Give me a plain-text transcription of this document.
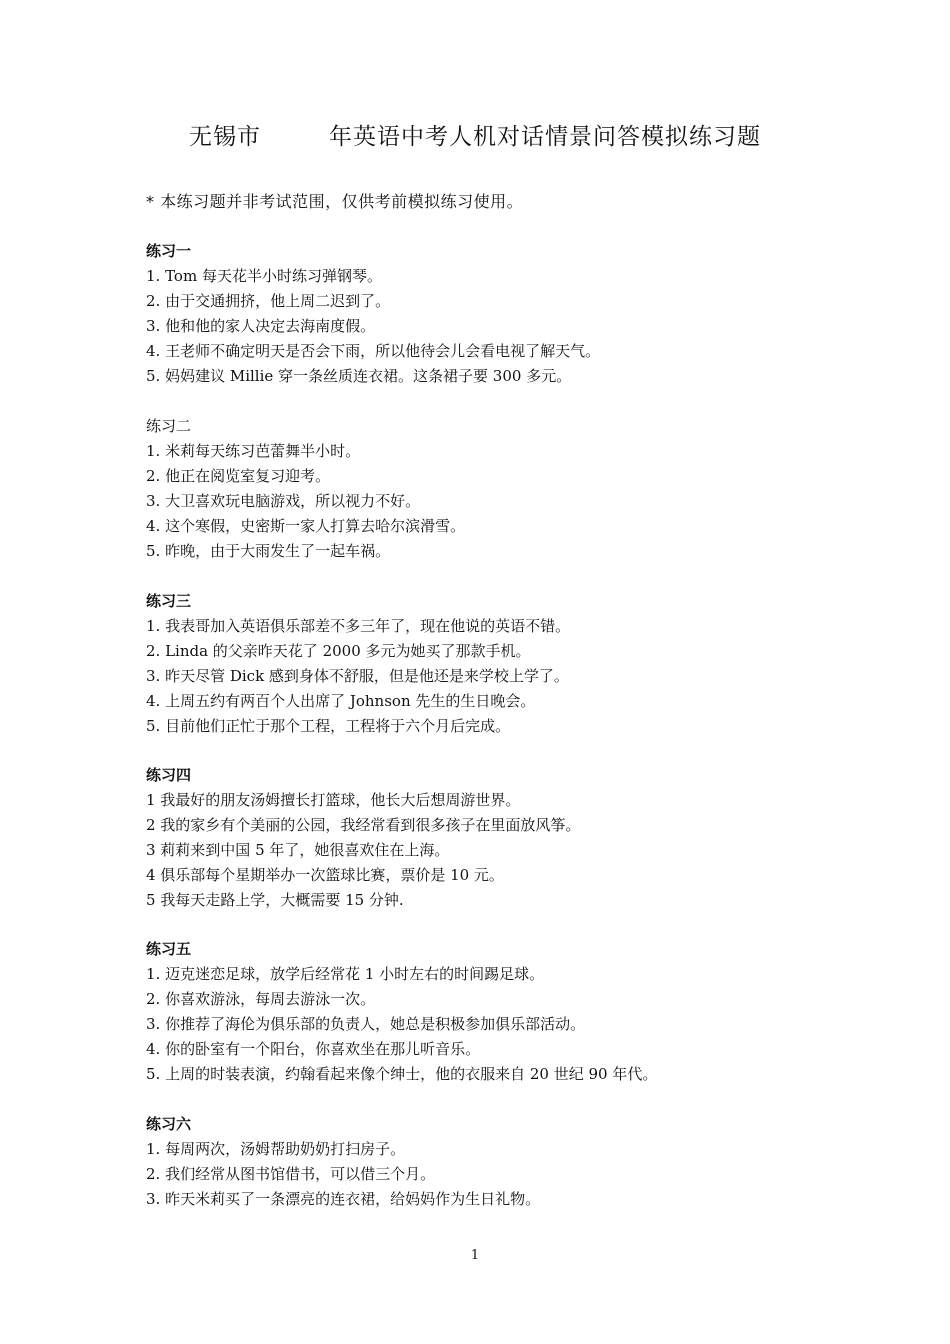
无锡市	年英语中考人机对话情景问答模拟练习题
* 本练习题并非考试范围，仅供考前模拟练习使用。
练习一
1. Tom 每天花半小时练习弹钢琴。
2. 由于交通拥挤，他上周二迟到了。
3. 他和他的家人决定去海南度假。
4. 王老师不确定明天是否会下雨，所以他待会儿会看电视了解天气。
5. 妈妈建议 Millie 穿一条丝质连衣裙。这条裙子要 300 多元。
练习二
1. 米莉每天练习芭蕾舞半小时。
2. 他正在阅览室复习迎考。
3. 大卫喜欢玩电脑游戏，所以视力不好。
4. 这个寒假，史密斯一家人打算去哈尔滨滑雪。
5. 昨晚，由于大雨发生了一起车祸。
练习三
1. 我表哥加入英语俱乐部差不多三年了，现在他说的英语不错。
2. Linda 的父亲昨天花了 2000 多元为她买了那款手机。
3. 昨天尽管 Dick 感到身体不舒服，但是他还是来学校上学了。
4. 上周五约有两百个人出席了 Johnson 先生的生日晚会。
5. 目前他们正忙于那个工程，工程将于六个月后完成。
练习四
1 我最好的朋友汤姆擅长打篮球，他长大后想周游世界。
2 我的家乡有个美丽的公园，我经常看到很多孩子在里面放风筝。
3 莉莉来到中国 5 年了，她很喜欢住在上海。
4 俱乐部每个星期举办一次篮球比赛，票价是 10 元。
5 我每天走路上学，大概需要 15 分钟.
练习五
1. 迈克迷恋足球，放学后经常花 1 小时左右的时间踢足球。
2. 你喜欢游泳，每周去游泳一次。
3. 你推荐了海伦为俱乐部的负责人，她总是积极参加俱乐部活动。
4. 你的卧室有一个阳台，你喜欢坐在那儿听音乐。
5. 上周的时装表演，约翰看起来像个绅士，他的衣服来自 20 世纪 90 年代。
练习六
1. 每周两次，汤姆帮助奶奶打扫房子。
2. 我们经常从图书馆借书，可以借三个月。
3. 昨天米莉买了一条漂亮的连衣裙，给妈妈作为生日礼物。
1
